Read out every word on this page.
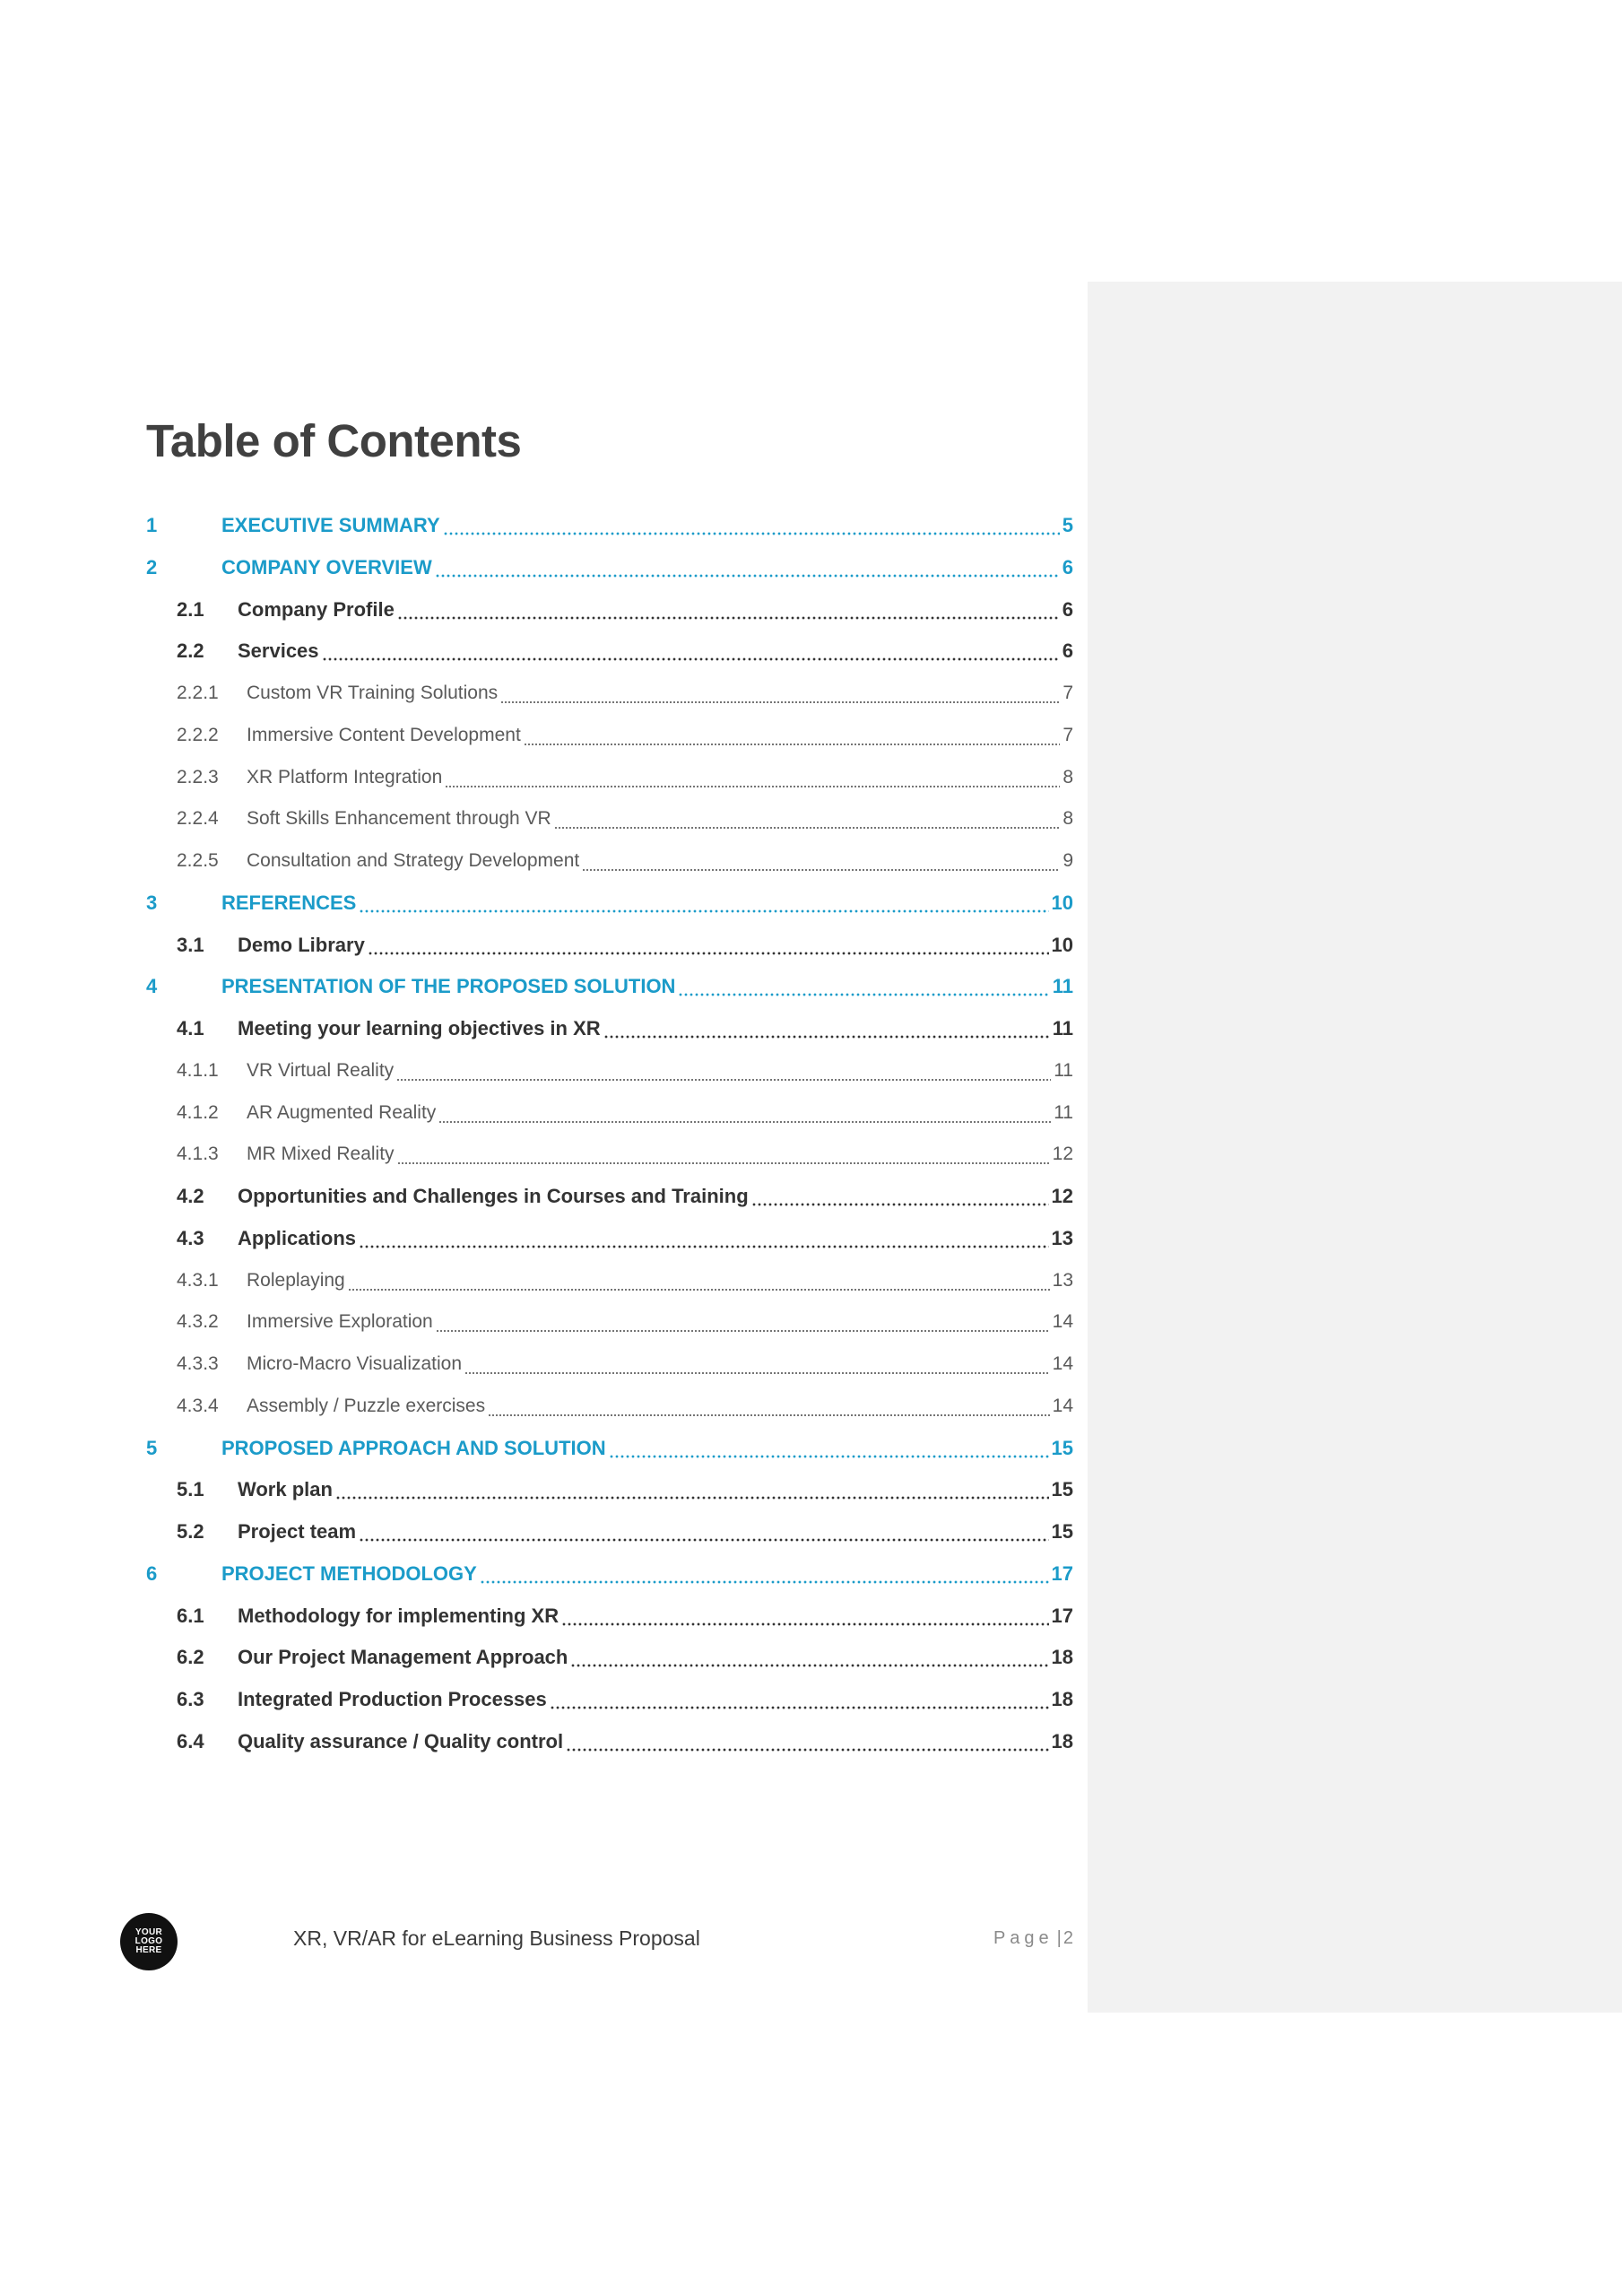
Table of Contents
1	EXECUTIVE SUMMARY	5
2	COMPANY OVERVIEW	6
2.1	Company Profile	6
2.2	Services	6
2.2.1	Custom VR Training Solutions	7
2.2.2	Immersive Content Development	7
2.2.3	XR Platform Integration	8
2.2.4	Soft Skills Enhancement through VR	8
2.2.5	Consultation and Strategy Development	9
3	REFERENCES	10
3.1	Demo Library	10
4	PRESENTATION OF THE PROPOSED SOLUTION	11
4.1	Meeting your learning objectives in XR	11
4.1.1	VR Virtual Reality	11
4.1.2	AR Augmented Reality	11
4.1.3	MR Mixed Reality	12
4.2	Opportunities and Challenges in Courses and Training	12
4.3	Applications	13
4.3.1	Roleplaying	13
4.3.2	Immersive Exploration	14
4.3.3	Micro-Macro Visualization	14
4.3.4	Assembly / Puzzle exercises	14
5	PROPOSED APPROACH AND SOLUTION	15
5.1	Work plan	15
5.2	Project team	15
6	PROJECT METHODOLOGY	17
6.1	Methodology for implementing XR	17
6.2	Our Project Management Approach	18
6.3	Integrated Production Processes	18
6.4	Quality assurance / Quality control	18
YOUR LOGO HERE
XR, VR/AR for eLearning Business Proposal	Page |2
